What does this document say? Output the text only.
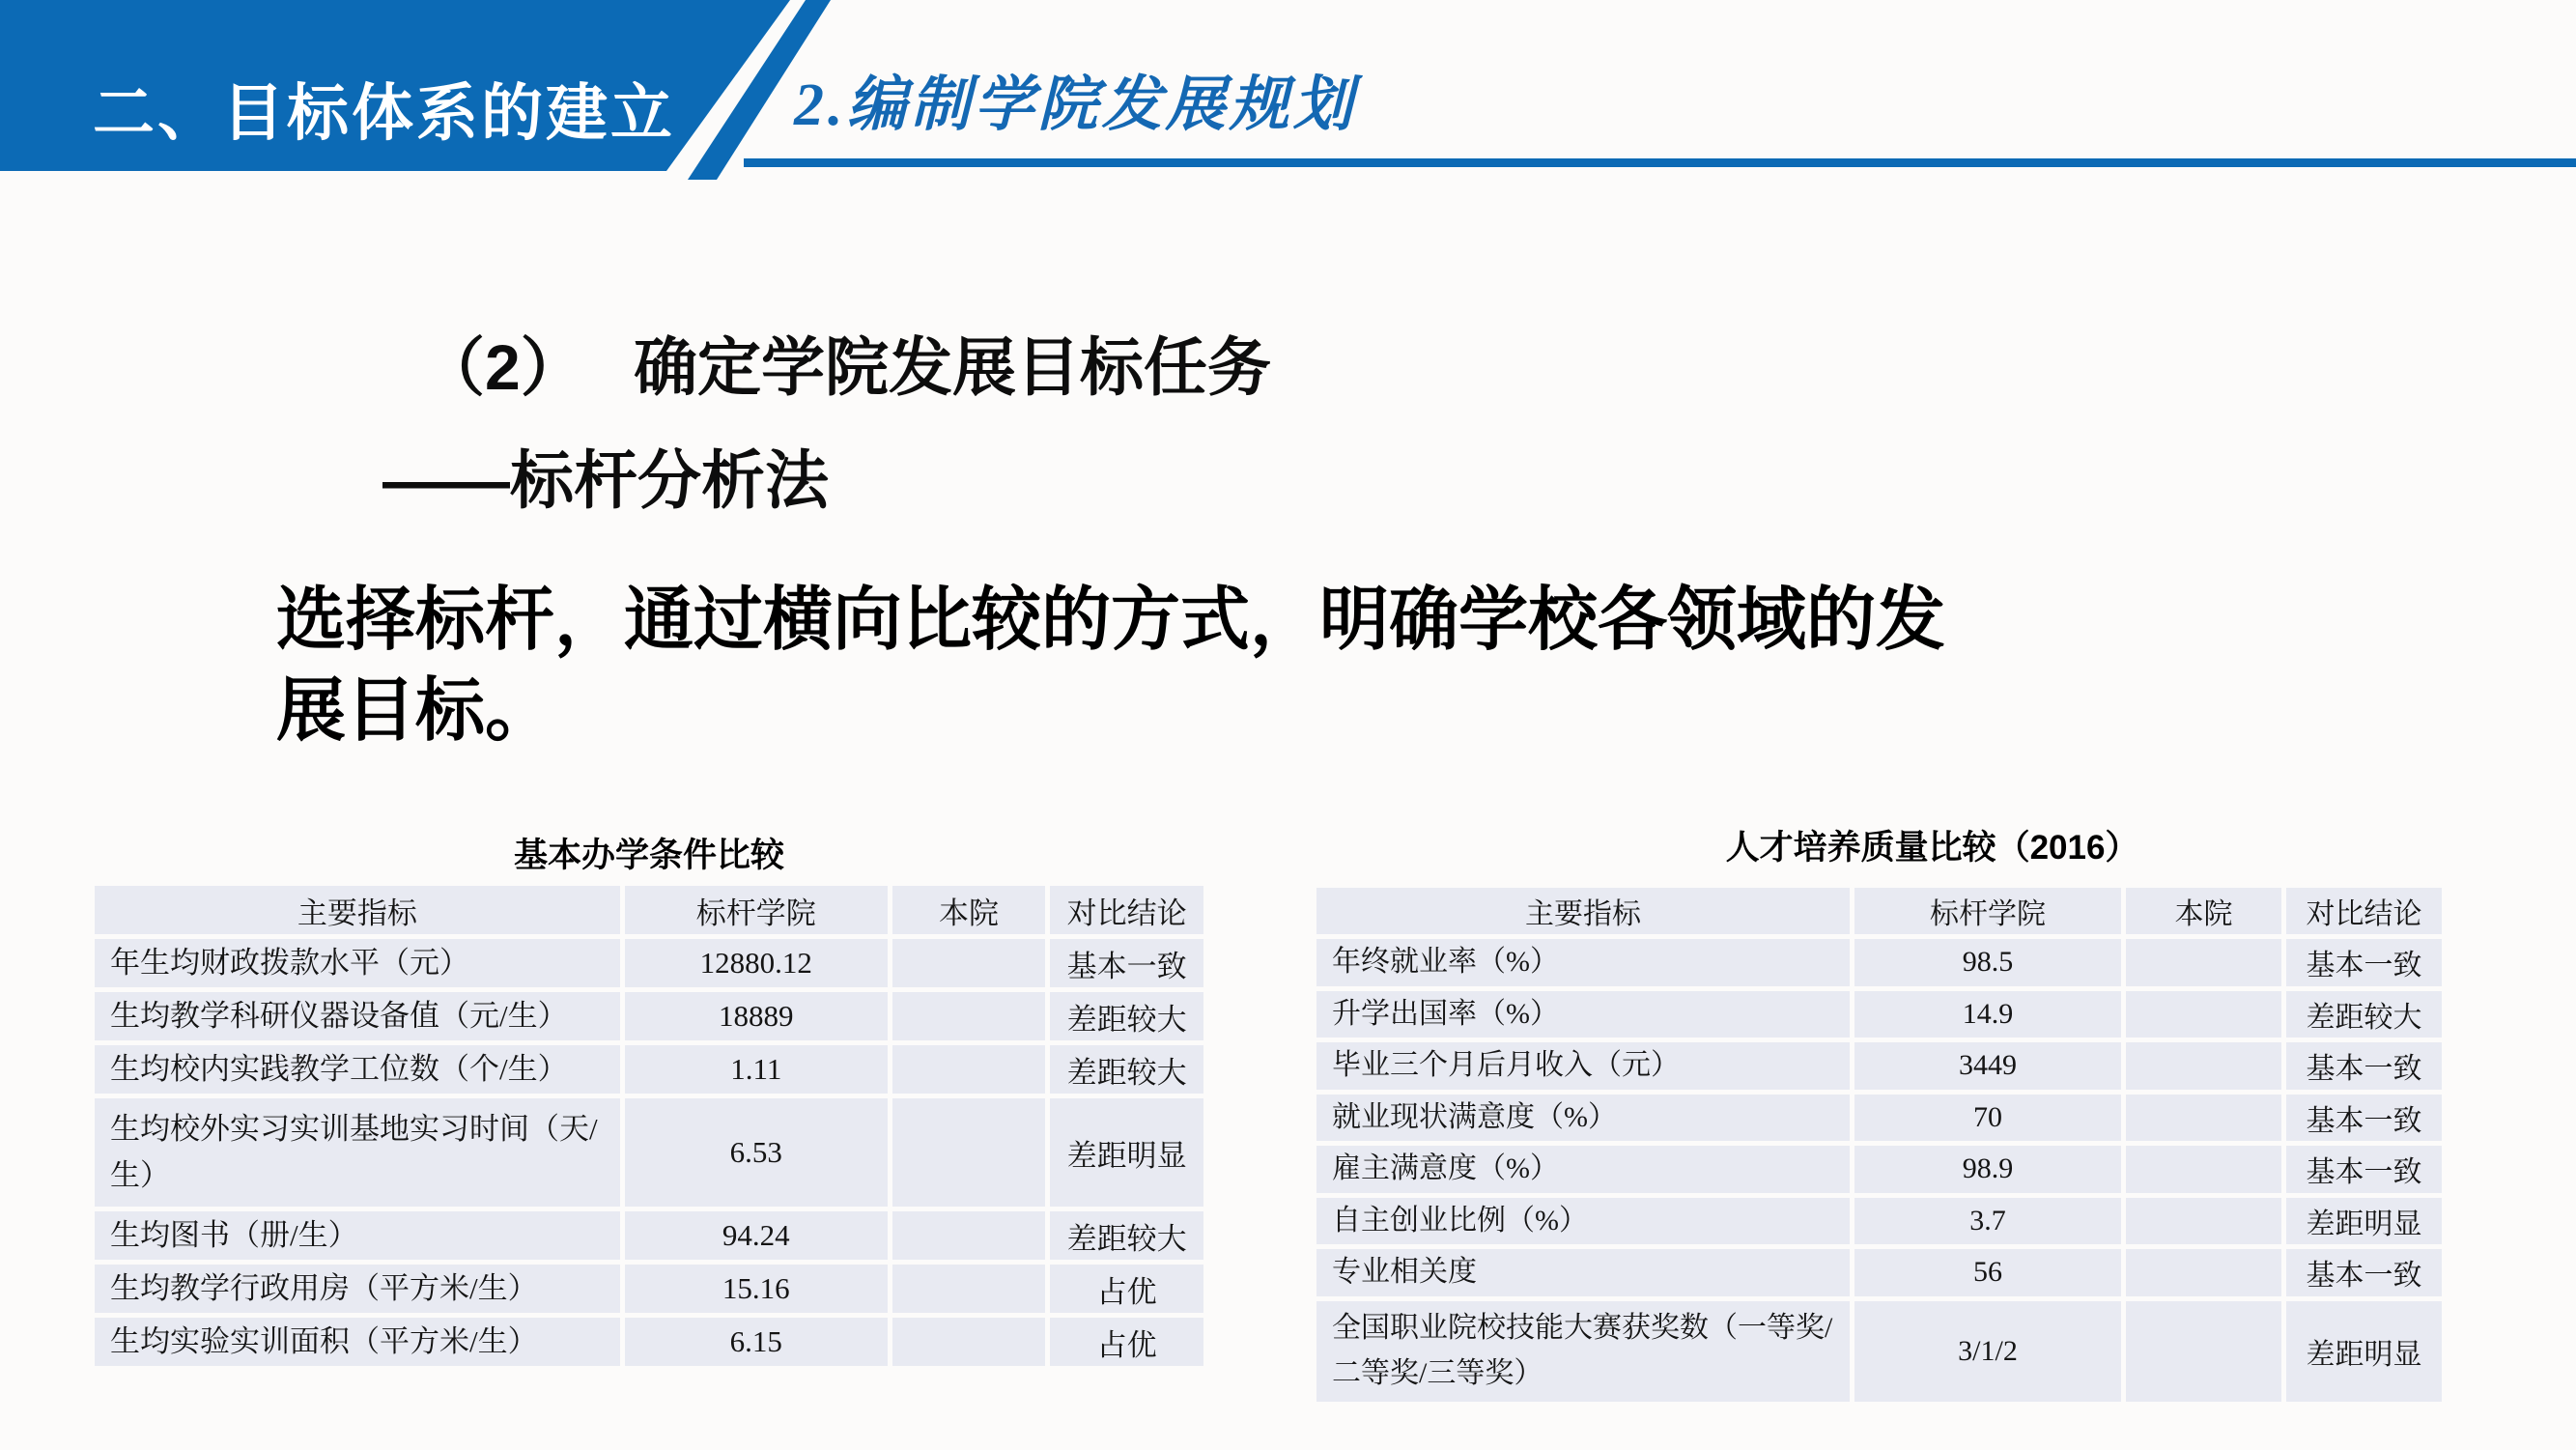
二、目标体系的建立 2.编制学院发展规划
（2）　 确定学院发展目标任务
——标杆分析法
选择标杆，通过横向比较的方式，明确学校各领域的发
展目标。
基本办学条件比较
主要指标	标杆学院	本院	对比结论
年生均财政拨款水平（元）	12880.12		基本一致
生均教学科研仪器设备值（元/生）	18889		差距较大
生均校内实践教学工位数（个/生）	1.11		差距较大
生均校外实习实训基地实习时间（天/生）	6.53		差距明显
生均图书（册/生）	94.24		差距较大
生均教学行政用房（平方米/生）	15.16		占优
生均实验实训面积（平方米/生）	6.15		占优
人才培养质量比较（2016）
主要指标	标杆学院	本院	对比结论
年终就业率（%）	98.5		基本一致
升学出国率（%）	14.9		差距较大
毕业三个月后月收入（元）	3449		基本一致
就业现状满意度（%）	70		基本一致
雇主满意度（%）	98.9		基本一致
自主创业比例（%）	3.7		差距明显
专业相关度	56		基本一致
全国职业院校技能大赛获奖数（一等奖/二等奖/三等奖）	3/1/2		差距明显
